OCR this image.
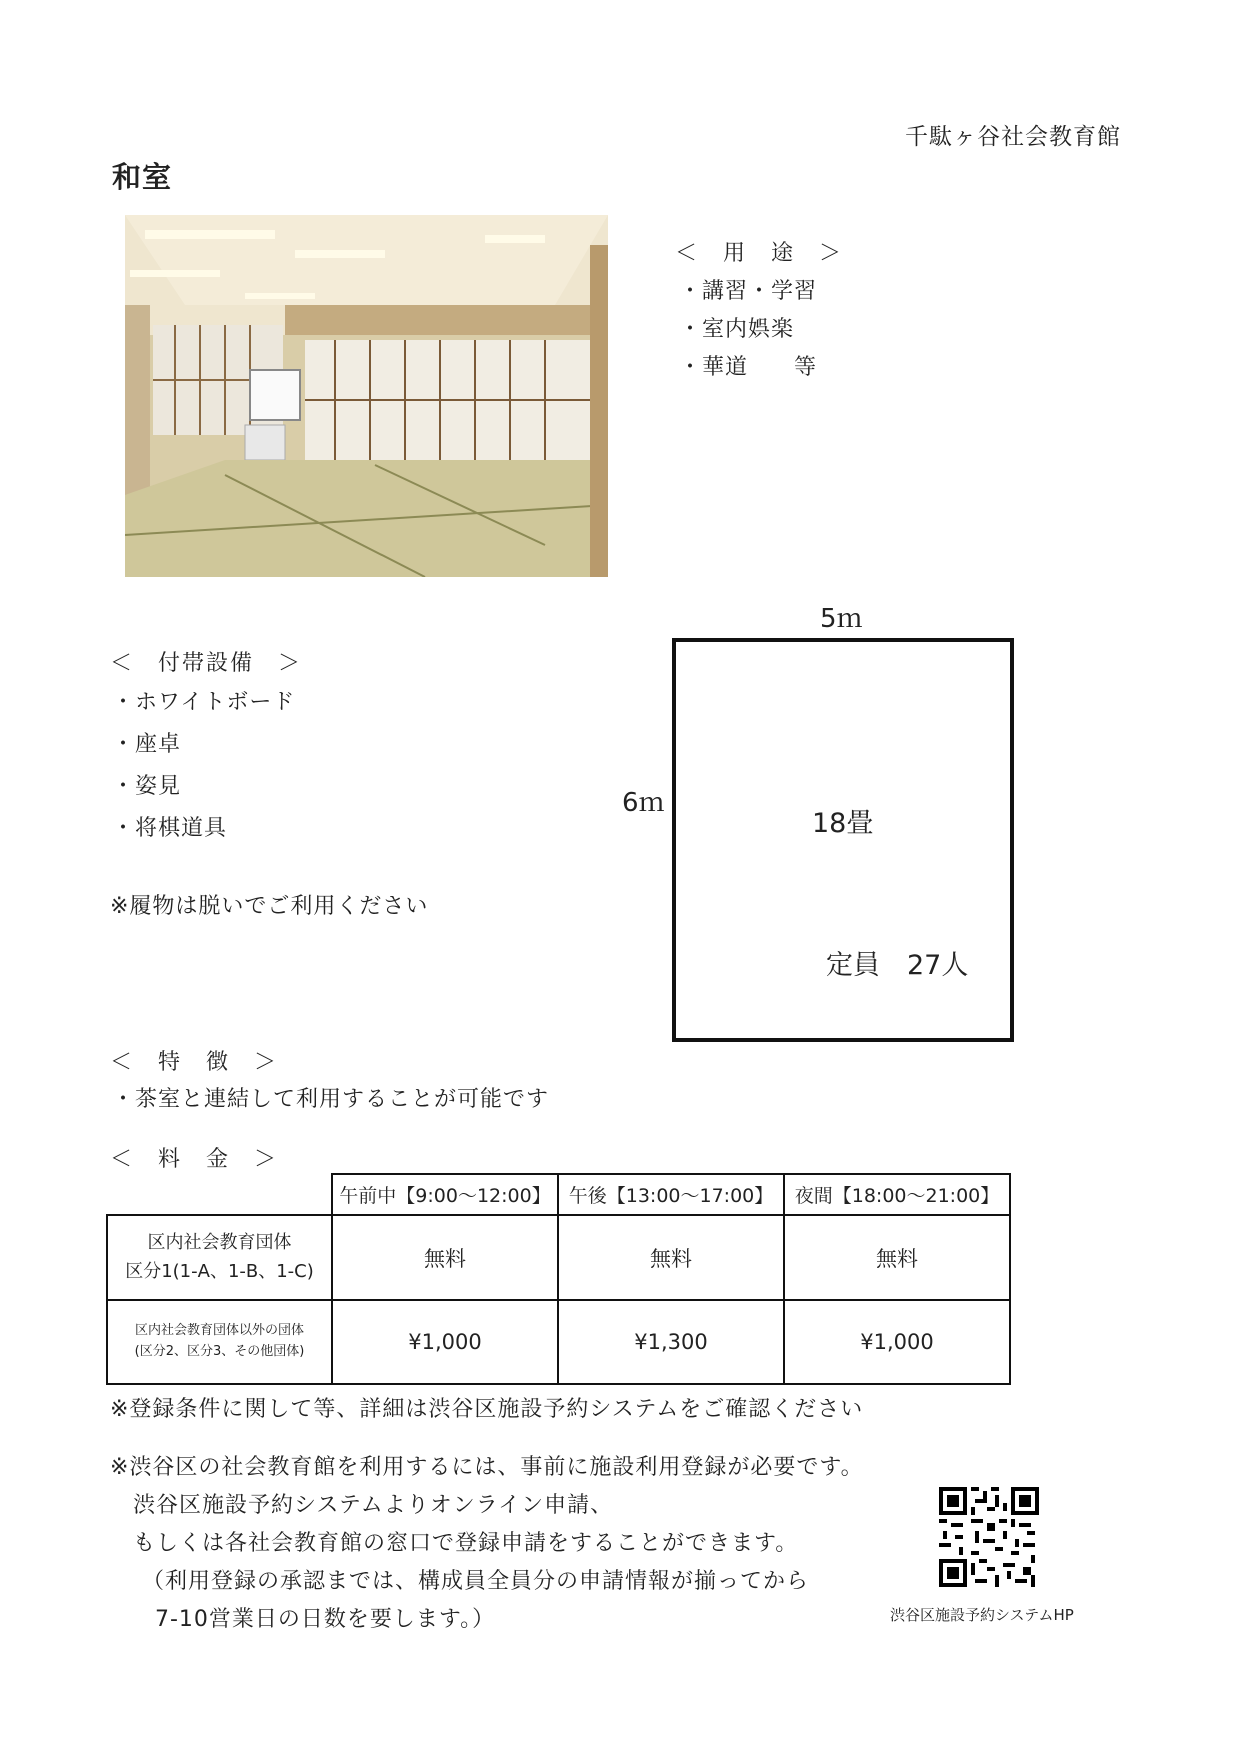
千駄ヶ谷社会教育館
和室
＜　用　途　＞
・講習・学習
・室内娯楽
・華道　　等
5ｍ
6ｍ
18畳
定員　27人
＜　付帯設備　＞
・ホワイトボード
・座卓
・姿見
・将棋道具
※履物は脱いでご利用ください
＜　特　徴　＞
・茶室と連結して利用することが可能です
＜　料　金　＞
	午前中【9:00～12:00】	午後【13:00～17:00】	夜間【18:00～21:00】

区内社会教育団体
区分1(1-A、1-B、1-C)	無料	無料	無料

区内社会教育団体以外の団体
(区分2、区分3、その他団体)	¥1,000	¥1,300	¥1,000
※登録条件に関して等、詳細は渋谷区施設予約システムをご確認ください
※渋谷区の社会教育館を利用するには、事前に施設利用登録が必要です。
渋谷区施設予約システムよりオンライン申請、
もしくは各社会教育館の窓口で登録申請をすることができます。
（利用登録の承認までは、構成員全員分の申請情報が揃ってから
7-10営業日の日数を要します。）	渋谷区施設予約システムHP
